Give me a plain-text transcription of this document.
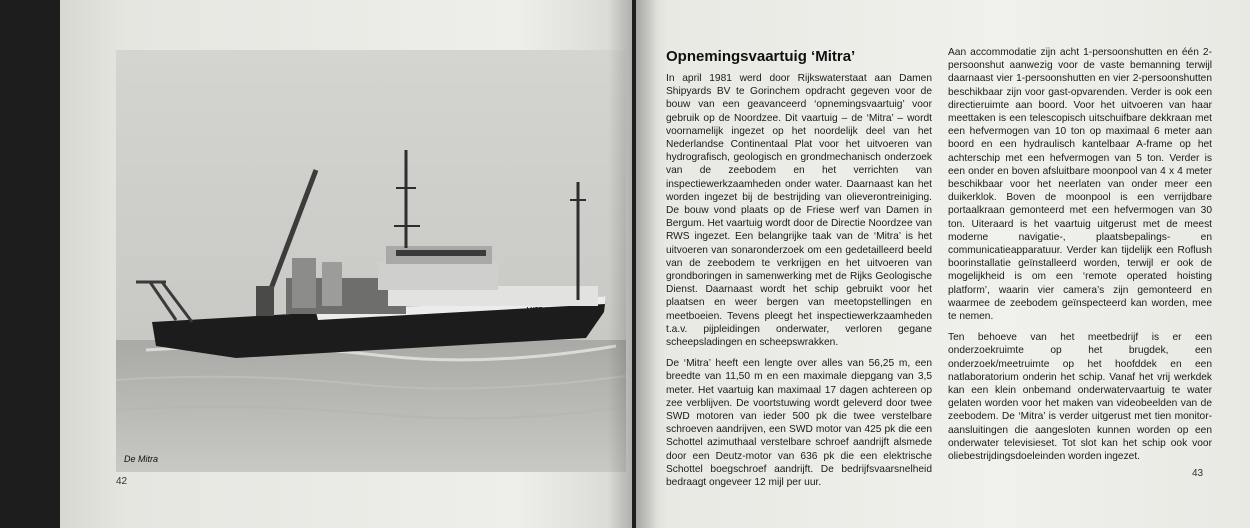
MITRA
De Mitra
42
Opnemingsvaartuig ‘Mitra’

In april 1981 werd door Rijkswaterstaat aan Damen Shipyards BV te Gorinchem opdracht gegeven voor de bouw van een geavanceerd ‘opnemingsvaartuig’ voor gebruik op de Noordzee. Dit vaartuig – de ‘Mitra’ – wordt voornamelijk ingezet op het noordelijk deel van het Nederlandse Continentaal Plat voor het uitvoeren van hydrografisch, geologisch en grondmechanisch onderzoek van de zeebodem en het verrichten van inspectiewerkzaamheden onder water. Daarnaast kan het worden ingezet bij de bestrijding van olieverontreiniging. De bouw vond plaats op de Friese werf van Damen in Bergum. Het vaartuig wordt door de Directie Noordzee van RWS ingezet. Een belangrijke taak van de ‘Mitra’ is het uitvoeren van sonaronderzoek om een gedetailleerd beeld van de zeebodem te verkrijgen en het uitvoeren van grondboringen in samenwerking met de Rijks Geologische Dienst. Daarnaast wordt het schip gebruikt voor het plaatsen en weer bergen van meetopstellingen en meetboeien. Tevens pleegt het inspectiewerkzaamheden t.a.v. pijpleidingen onderwater, verloren gegane scheepsladingen en scheepswrakken.

De ‘Mitra’ heeft een lengte over alles van 56,25 m, een breedte van 11,50 m en een maximale diepgang van 3,5 meter. Het vaartuig kan maximaal 17 dagen achtereen op zee verblijven. De voortstuwing wordt geleverd door twee SWD motoren van ieder 500 pk die twee verstelbare schroeven aandrijven, een SWD motor van 425 pk die een Schottel azimuthaal verstelbare schroef aandrijft alsmede door een Deutz-motor van 636 pk die een elektrische Schottel boegschroef aandrijft. De bedrijfsvaarsnelheid bedraagt ongeveer 12 mijl per uur.

Aan accommodatie zijn acht 1-persoonshutten en één 2-persoonshut aanwezig voor de vaste bemanning terwijl daarnaast vier 1-persoonshutten en vier 2-persoonshutten beschikbaar zijn voor gast-opvarenden. Verder is ook een directieruimte aan boord. Voor het uitvoeren van haar meettaken is een telescopisch uitschuifbare dekkraan met een hefvermogen van 10 ton op maximaal 6 meter aan boord en een hydraulisch kantelbaar A-frame op het achterschip met een hefvermogen van 5 ton. Verder is een onder en boven afsluitbare moonpool van 4 x 4 meter beschikbaar voor het neerlaten van onder meer een duikerklok. Boven de moonpool is een verrijdbare portaalkraan gemonteerd met een hefvermogen van 30 ton. Uiteraard is het vaartuig uitgerust met de meest moderne navigatie-, plaatsbepalings- en communicatieapparatuur. Verder kan tijdelijk een Roflush boorinstallatie geïnstalleerd worden, terwijl er ook de mogelijkheid is om een ‘remote operated hoisting platform’, waarin vier camera’s zijn gemonteerd en waarmee de zeebodem geïnspecteerd kan worden, mee te nemen.

Ten behoeve van het meetbedrijf is er een onderzoekruimte op het brugdek, een onderzoek/meetruimte op het hoofddek en een natlaboratorium onderin het schip. Vanaf het vrij werkdek kan een klein onbemand onderwatervaartuig te water gelaten worden voor het maken van videobeelden van de zeebodem. De ‘Mitra’ is verder uitgerust met tien monitor-aansluitingen die aangesloten kunnen worden op een onderwater televisieset. Tot slot kan het schip ook voor oliebestrijdingsdoeleinden worden ingezet.

43
